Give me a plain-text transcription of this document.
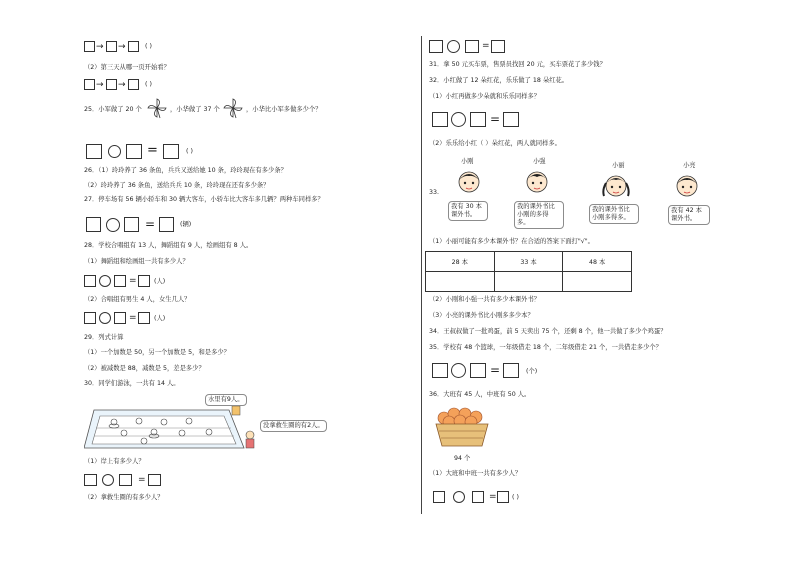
→ →	( )
（2）第三天从哪一页开始看？
→ →	( )
25．小军做了 20 个	，小华做了 37 个	，小华比小军多做多少个？
=	( )
26．（1）玲玲养了 36 条鱼，兵兵又送给她 10 条，玲玲现在有多少条？
（2）玲玲养了 36 条鱼，送给兵兵 10 条，玲玲现在还有多少条？
27．停车场有 56 辆小轿车和 30 辆大客车，小轿车比大客车多几辆？两种车同样多？
=	(辆)
28．学校合唱组有 13 人，舞蹈组有 9 人，绘画组有 8 人。
（1）舞蹈组和绘画组一共有多少人？
=	(人)
（2）合唱组有男生 4 人，女生几人？
=	(人)
29．列式计算
（1）一个加数是 50，另一个加数是 5，和是多少？
（2）被减数是 88，减数是 5，差是多少？
30．同学们游泳，一共有 14 人。
水里有9人。
没拿救生圈的有2人。
（1）岸上有多少人？
=
（2）拿救生圈的有多少人？
=
31．拿 50 元买车票，售票员找回 20 元，买车票花了多少钱？
32．小红做了 12 朵红花，乐乐做了 18 朵红花。
（1）小红再做多少朵就和乐乐同样多？
=
（2）乐乐给小红（ ）朵红花，两人就同样多。
33.
小刚
我有 30 本课外书。
小强
我的课外书比小刚的多得多。
小丽
我的课外书比小刚多得多。
小亮
我有 42 本课外书。
（1）小丽可能有多少本课外书？在合适的答案下面打"√"。
28 本	33 本	48 本

（2）小刚和小强一共有多少本课外书？
（3）小亮的课外书比小刚多多少本？
34．王叔叔做了一批鸡蛋，前 5 天卖出 75 个，还剩 8 个，他一共做了多少个鸡蛋？
35．学校有 48 个篮球，一年级借走 18 个，二年级借走 21 个，一共借走多少个？
=	(个)
36．大班有 45 人，中班有 50 人。
94 个
（1）大班和中班一共有多少人？
= ( )
